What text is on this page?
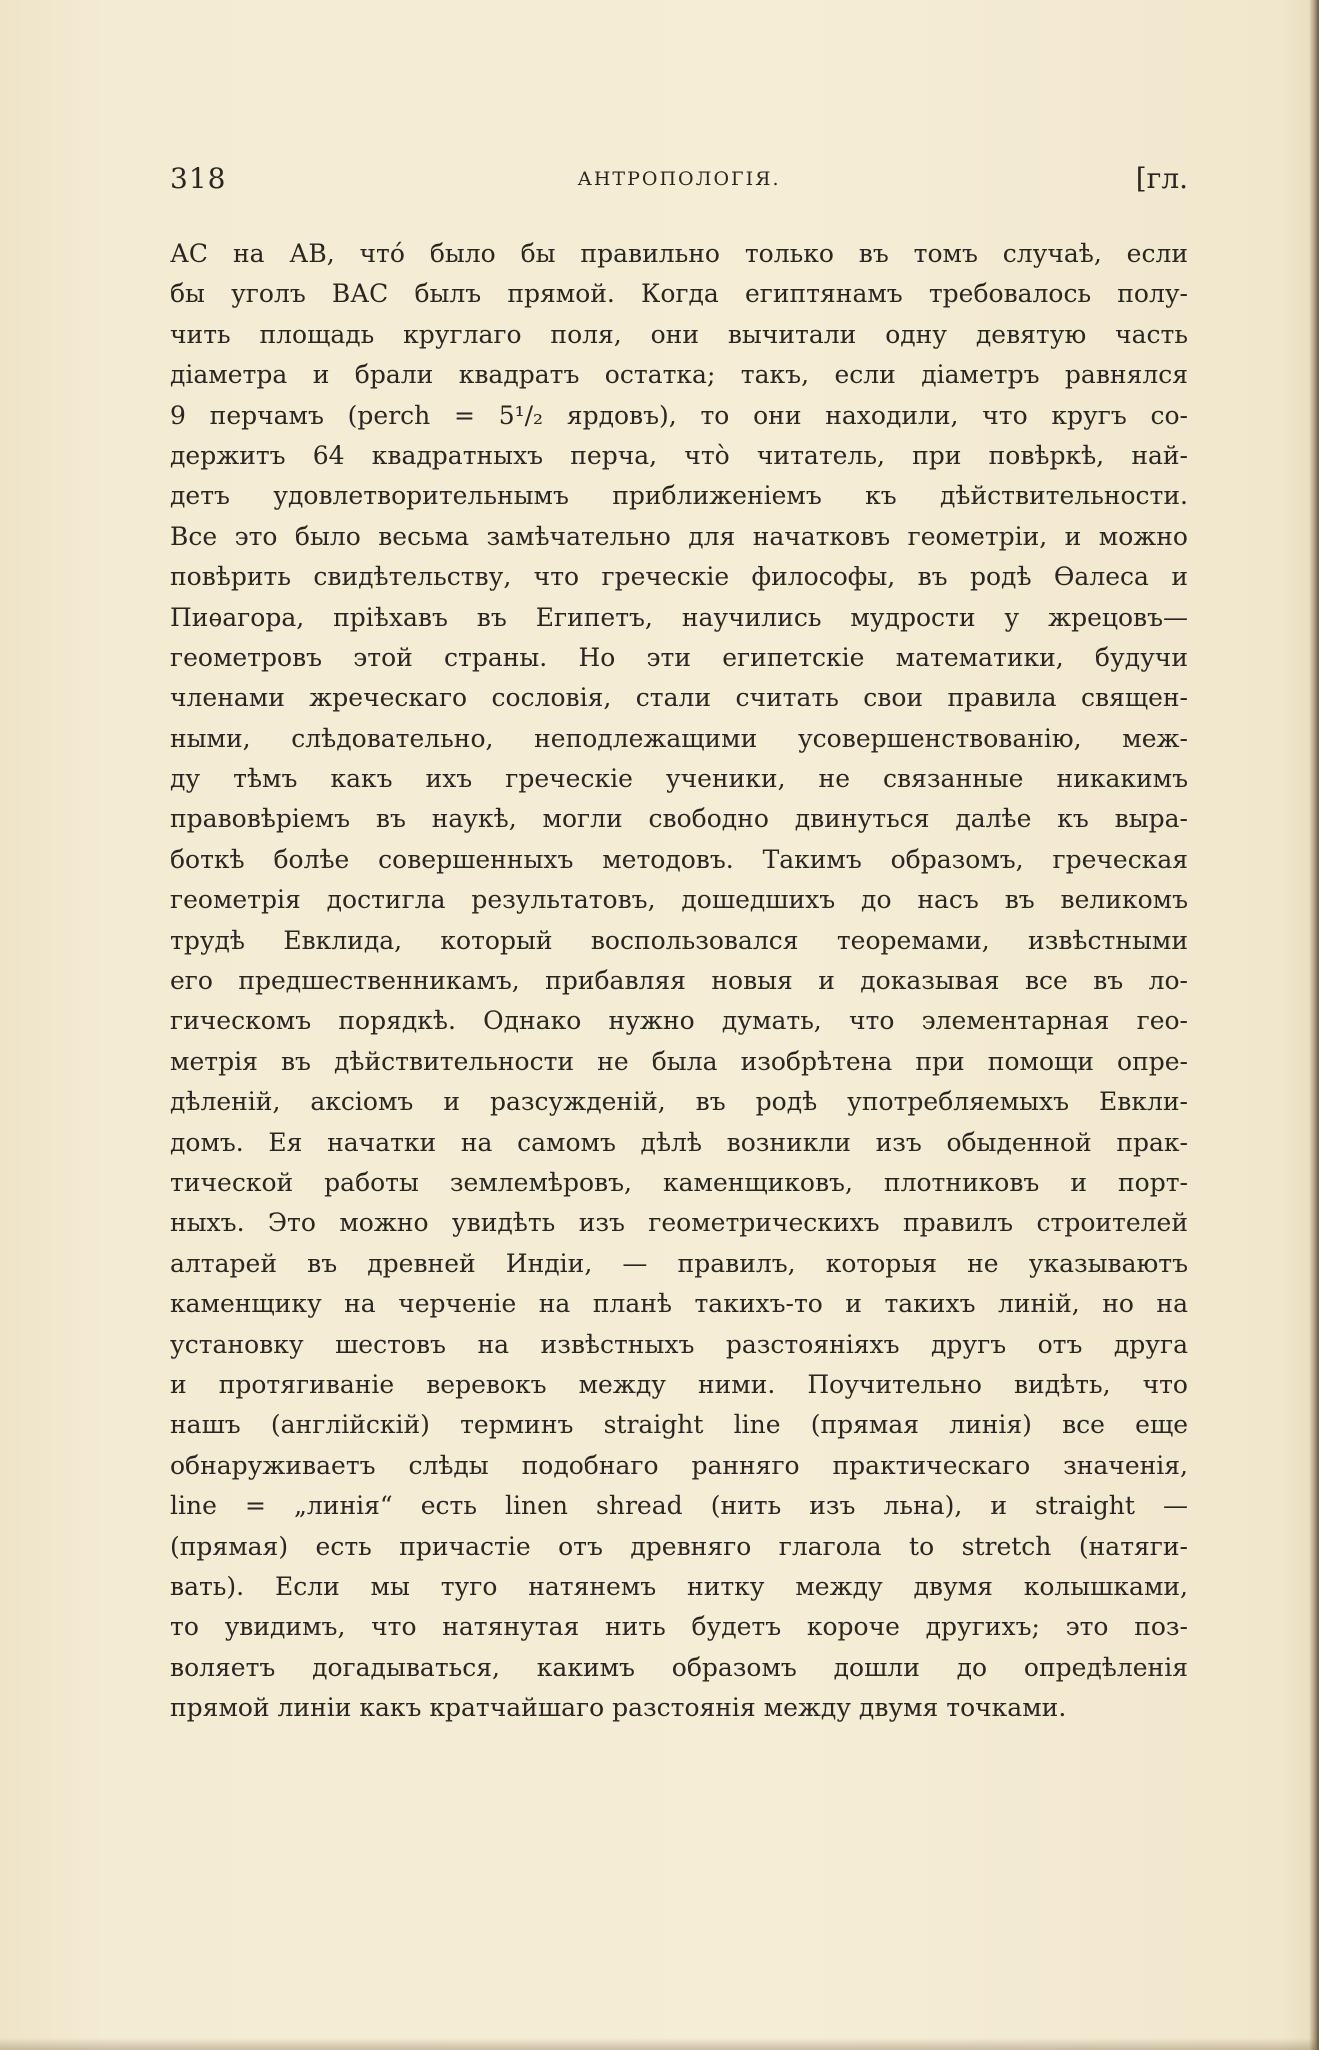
318	АНТРОПОЛОГІЯ.	[гл.
АС на АВ, что́ было бы правильно только въ томъ случаѣ, если
бы уголъ ВАС былъ прямой. Когда египтянамъ требовалось полу-
чить площадь круглаго поля, они вычитали одну девятую часть
діаметра и брали квадратъ остатка; такъ, если діаметръ равнялся
9 перчамъ (perch = 5¹/₂ ярдовъ), то они находили, что кругъ со-
держитъ 64 квадратныхъ перча, что̀ читатель, при повѣркѣ, най-
детъ удовлетворительнымъ приближеніемъ къ дѣйствительности.
Все это было весьма замѣчательно для начатковъ геометріи, и можно
повѣрить свидѣтельству, что греческіе философы, въ родѣ Ѳалеса и
Пиѳагора, пріѣхавъ въ Египетъ, научились мудрости у жрецовъ—
геометровъ этой страны. Но эти египетскіе математики, будучи
членами жреческаго сословія, стали считать свои правила священ-
ными, слѣдовательно, неподлежащими усовершенствованію, меж-
ду тѣмъ какъ ихъ греческіе ученики, не связанные никакимъ
правовѣріемъ въ наукѣ, могли свободно двинуться далѣе къ выра-
боткѣ болѣе совершенныхъ методовъ. Такимъ образомъ, греческая
геометрія достигла результатовъ, дошедшихъ до насъ въ великомъ
трудѣ Евклида, который воспользовался теоремами, извѣстными
его предшественникамъ, прибавляя новыя и доказывая все въ ло-
гическомъ порядкѣ. Однако нужно думать, что элементарная гео-
метрія въ дѣйствительности не была изобрѣтена при помощи опре-
дѣленій, аксіомъ и разсужденій, въ родѣ употребляемыхъ Евкли-
домъ. Ея начатки на самомъ дѣлѣ возникли изъ обыденной прак-
тической работы землемѣровъ, каменщиковъ, плотниковъ и порт-
ныхъ. Это можно увидѣть изъ геометрическихъ правилъ строителей
алтарей въ древней Индіи, — правилъ, которыя не указываютъ
каменщику на черченіе на планѣ такихъ-то и такихъ линій, но на
установку шестовъ на извѣстныхъ разстояніяхъ другъ отъ друга
и протягиваніе веревокъ между ними. Поучительно видѣть, что
нашъ (англійскій) терминъ straight line (прямая линія) все еще
обнаруживаетъ слѣды подобнаго ранняго практическаго значенія,
line = „линія“ есть linen shread (нить изъ льна), и straight —
(прямая) есть причастіе отъ древняго глагола to stretch (натяги-
вать). Если мы туго натянемъ нитку между двумя колышками,
то увидимъ, что натянутая нить будетъ короче другихъ; это поз-
воляетъ догадываться, какимъ образомъ дошли до опредѣленія
прямой линіи какъ кратчайшаго разстоянія между двумя точками.
